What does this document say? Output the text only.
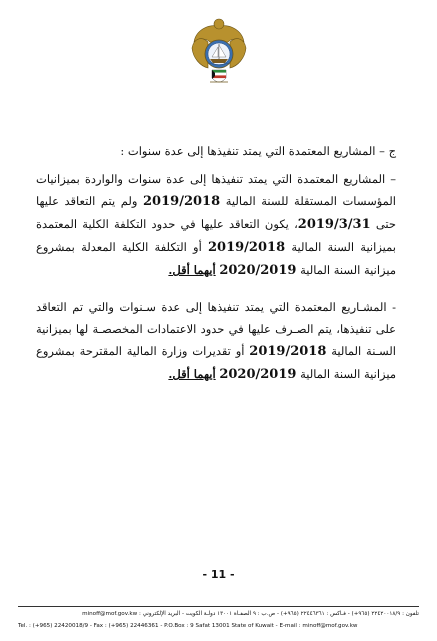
ج – المشاريع المعتمدة التي يمتد تنفيذها إلى عدة سنوات :

– المشاريع المعتمدة التي يمتد تنفيذها إلى عدة سنوات والواردة بميزانيات المؤسسات المستقلة للسنة المالية 2019/2018 ولم يتم التعاقد عليها حتى 2019/3/31، يكون التعاقد عليها في حدود التكلفة الكلية المعتمدة بميزانية السنة المالية 2019/2018 أو التكلفة الكلية المعدلة بمشروع ميزانية السنة المالية 2020/2019 أيهما أقل.

- المشـاريع المعتمدة التي يمتد تنفيذها إلى عدة سـنوات والتي تم التعاقد على تنفيذها، يتم الصـرف عليها في حدود الاعتمادات المخصصـة لها بميزانية السـنة المالية 2019/2018 أو تقديرات وزارة المالية المقترحة بمشروع ميزانية السنة المالية 2020/2019 أيهما أقل.

- 11 -
تلفون : ٢٢٤٢٠٠١٨/٩ (٩٦٥+) - فـاكس : ٢٢٤٤٦٣٦١ (٩٦٥+) - ص.ب : ٩ الصفـاة ١٣٠٠١ دولـة الكويت - البريد الإلكتروني : minoff@mof.gov.kw
Tel. : (+965) 22420018/9 - Fax : (+965) 22446361 - P.O.Box : 9 Safat 13001 State of Kuwait - E-mail : minoff@mof.gov.kw
